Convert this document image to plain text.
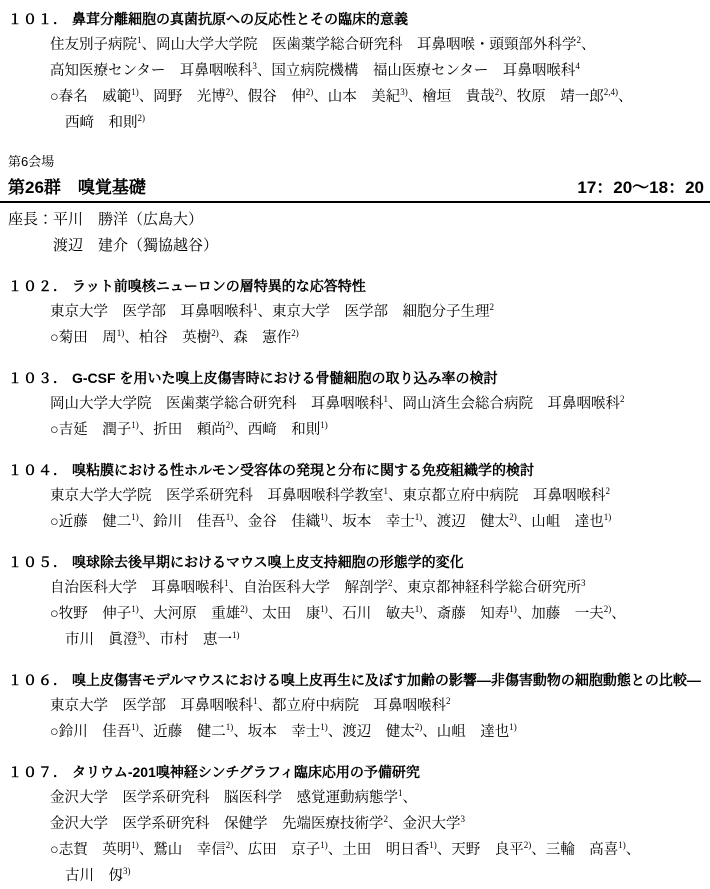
１０１． 鼻茸分離細胞の真菌抗原への反応性とその臨床的意義
住友別子病院$^1$、岡山大学大学院　医歯薬学総合研究科　耳鼻咽喉・頭頸部外科学$^2$、
高知医療センター　耳鼻咽喉科$^3$、国立病院機構　福山医療センター　耳鼻咽喉科$^4$
○春名　威範$^{1)}$、岡野　光博$^{2)}$、假谷　伸$^{2)}$、山本　美紀$^{3)}$、檜垣　貴哉$^{2)}$、牧原　靖一郎$^{2,4)}$、
西﨑　和則$^{2)}$
第6会場
第26群　嗅覚基礎	17：20～18：20
座長：平川　勝洋（広島大）
渡辺　建介（獨協越谷）
１０２． ラット前嗅核ニューロンの層特異的な応答特性
東京大学　医学部　耳鼻咽喉科$^1$、東京大学　医学部　細胞分子生理$^2$
○菊田　周$^{1)}$、柏谷　英樹$^{2)}$、森　憲作$^{2)}$
１０３． G-CSF を用いた嗅上皮傷害時における骨髄細胞の取り込み率の検討
岡山大学大学院　医歯薬学総合研究科　耳鼻咽喉科$^1$、岡山済生会総合病院　耳鼻咽喉科$^2$
○吉延　潤子$^{1)}$、折田　頼尚$^{2)}$、西﨑　和則$^{1)}$
１０４． 嗅粘膜における性ホルモン受容体の発現と分布に関する免疫組織学的検討
東京大学大学院　医学系研究科　耳鼻咽喉科学教室$^1$、東京都立府中病院　耳鼻咽喉科$^2$
○近藤　健二$^{1)}$、鈴川　佳吾$^{1)}$、金谷　佳織$^{1)}$、坂本　幸士$^{1)}$、渡辺　健太$^{2)}$、山岨　達也$^{1)}$
１０５． 嗅球除去後早期におけるマウス嗅上皮支持細胞の形態学的変化
自治医科大学　耳鼻咽喉科$^1$、自治医科大学　解剖学$^2$、東京都神経科学総合研究所$^3$
○牧野　伸子$^{1)}$、大河原　重雄$^{2)}$、太田　康$^{1)}$、石川　敏夫$^{1)}$、斎藤　知寿$^{1)}$、加藤　一夫$^{2)}$、
市川　眞澄$^{3)}$、市村　恵一$^{1)}$
１０６． 嗅上皮傷害モデルマウスにおける嗅上皮再生に及ぼす加齢の影響―非傷害動物の細胞動態との比較―
東京大学　医学部　耳鼻咽喉科$^1$、都立府中病院　耳鼻咽喉科$^2$
○鈴川　佳吾$^{1)}$、近藤　健二$^{1)}$、坂本　幸士$^{1)}$、渡辺　健太$^{2)}$、山岨　達也$^{1)}$
１０７． タリウム-201嗅神経シンチグラフィ臨床応用の予備研究
金沢大学　医学系研究科　脳医科学　感覚運動病態学$^1$、
金沢大学　医学系研究科　保健学　先端医療技術学$^2$、金沢大学$^3$
○志賀　英明$^{1)}$、鷲山　幸信$^{2)}$、広田　京子$^{1)}$、土田　明日香$^{1)}$、天野　良平$^{2)}$、三輪　高喜$^{1)}$、
古川　仭$^{3)}$
